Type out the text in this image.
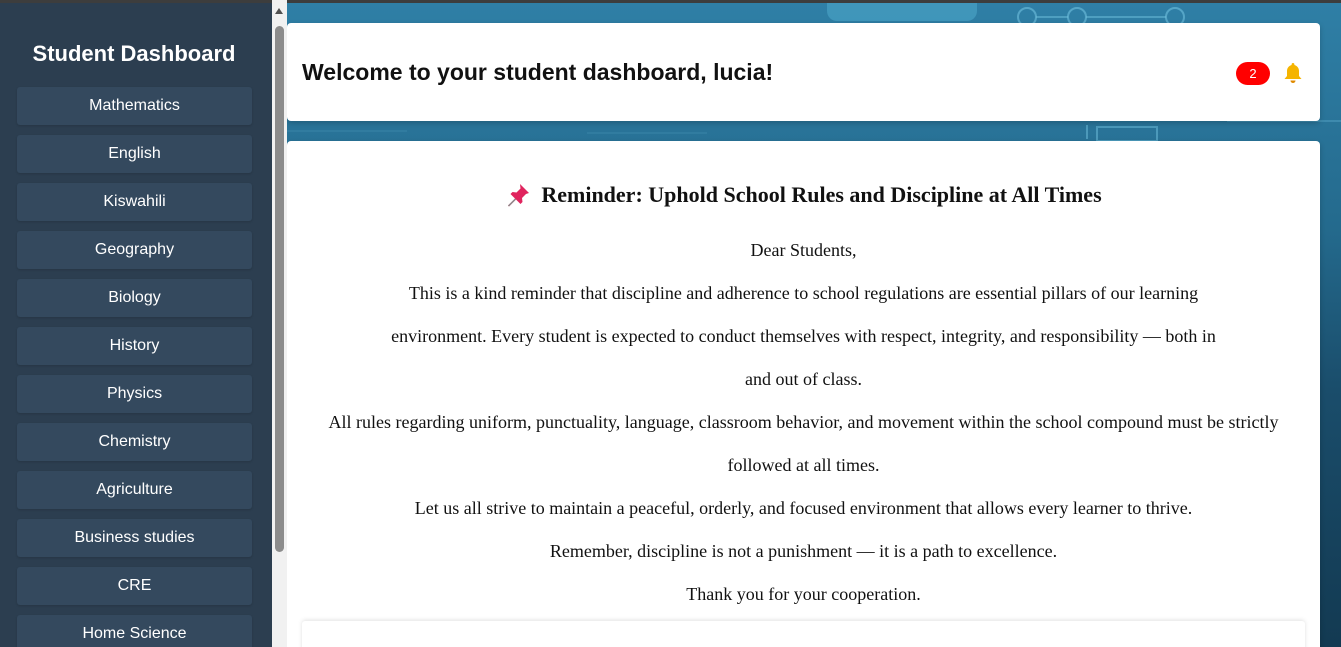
Student Dashboard
Mathematics
English
Kiswahili
Geography
Biology
History
Physics
Chemistry
Agriculture
Business studies
CRE
Home Science
Welcome to your student dashboard, lucia!	2
Reminder: Uphold School Rules and Discipline at All Times

Dear Students,

This is a kind reminder that discipline and adherence to school regulations are essential pillars of our learning environment. Every student is expected to conduct themselves with respect, integrity, and responsibility — both in and out of class.

All rules regarding uniform, punctuality, language, classroom behavior, and movement within the school compound must be strictly followed at all times.

Let us all strive to maintain a peaceful, orderly, and focused environment that allows every learner to thrive.

Remember, discipline is not a punishment — it is a path to excellence.

Thank you for your cooperation.
